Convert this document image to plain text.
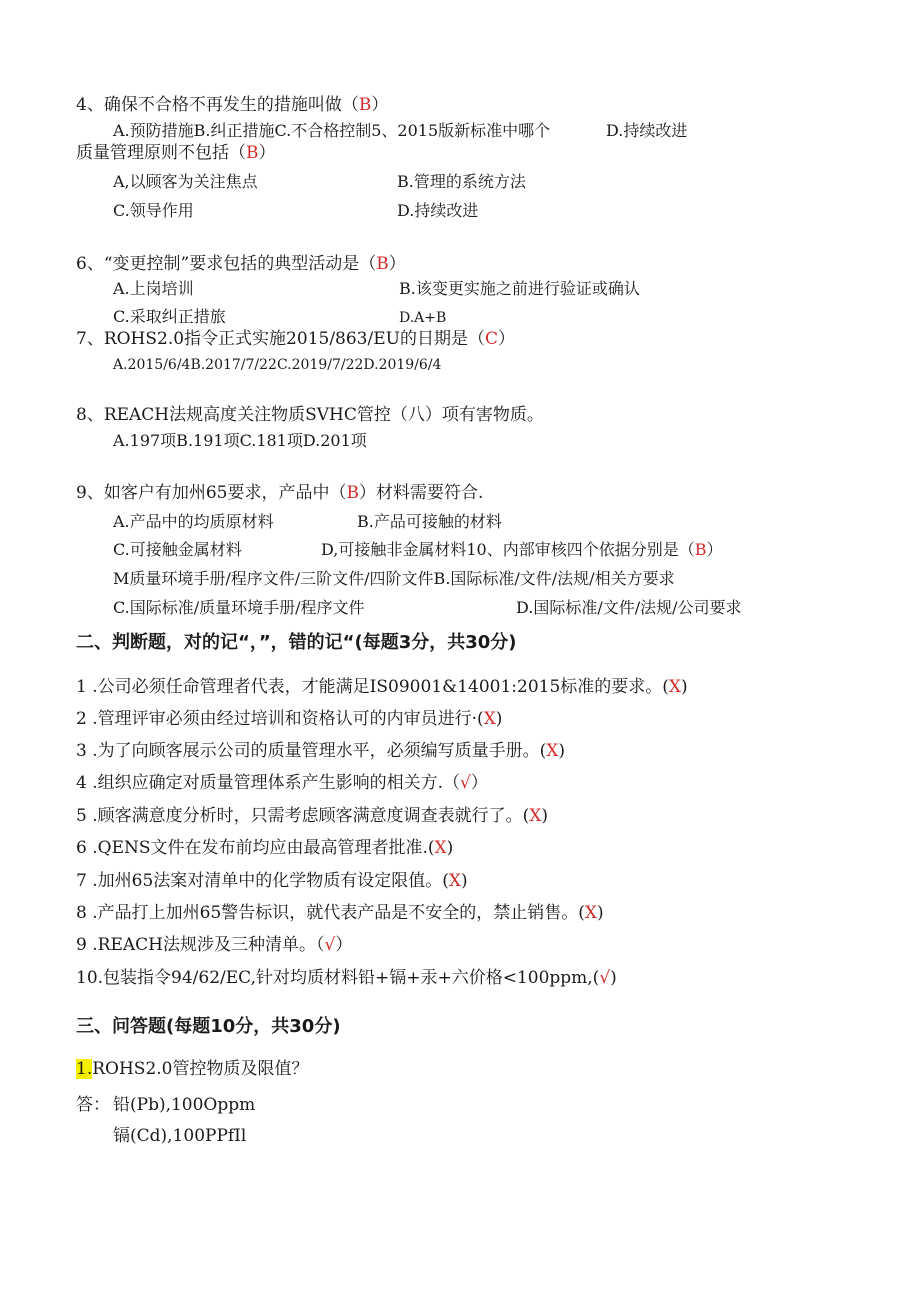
4、确保不合格不再发生的措施叫做（B）
A.预防措施B.纠正措施C.不合格控制5、2015版新标准中哪个	D.持续改进
质量管理原则不包括（B）
A,以顾客为关注焦点	B.管理的系统方法
C.领导作用	D.持续改进
6、“变更控制”要求包括的典型活动是（B）
A.上岗培训	B.该变更实施之前进行验证或确认
C.采取纠正措旅	D.A+B
7、ROHS2.0指令正式实施2015/863/EU的日期是（C）
A.2015/6/4B.2017/7/22C.2019/7/22D.2019/6/4
8、REACH法规高度关注物质SVHC管控（八）项有害物质。
A.197项B.191项C.181项D.201项
9、如客户有加州65要求，产品中（B）材料需要符合.
A.产品中的均质原材料	B.产品可接触的材料
C.可接触金属材料	D,可接触非金属材料10、内部审核四个依据分别是（B）
M质量环境手册/程序文件/三阶文件/四阶文件B.国际标准/文件/法规/相关方要求
C.国际标准/质量环境手册/程序文件	D.国际标准/文件/法规/公司要求
二、判断题，对的记“，”，错的记“(每题3分，共30分)
1 .公司必须任命管理者代表，才能满足IS09001&14001:2015标准的要求。(X)
2 .管理评审必须由经过培训和资格认可的内审员进行·(X)
3 .为了向顾客展示公司的质量管理水平，必须编写质量手册。(X)
4 .组织应确定对质量管理体系产生影响的相关方.（√）
5 .顾客满意度分析时，只需考虑顾客满意度调查表就行了。(X)
6 .QENS文件在发布前均应由最高管理者批准.(X)
7 .加州65法案对清单中的化学物质有设定限值。(X)
8 .产品打上加州65警告标识，就代表产品是不安全的，禁止销售。(X)
9 .REACH法规涉及三种清单。（√）
10.包装指令94/62/EC,针对均质材料铅+镉+汞+六价格<100ppm,(√)
三、问答题(每题10分，共30分)
1.ROHS2.0管控物质及限值？
答： 铅(Pb),100Oppm
镉(Cd),100PPfIl
